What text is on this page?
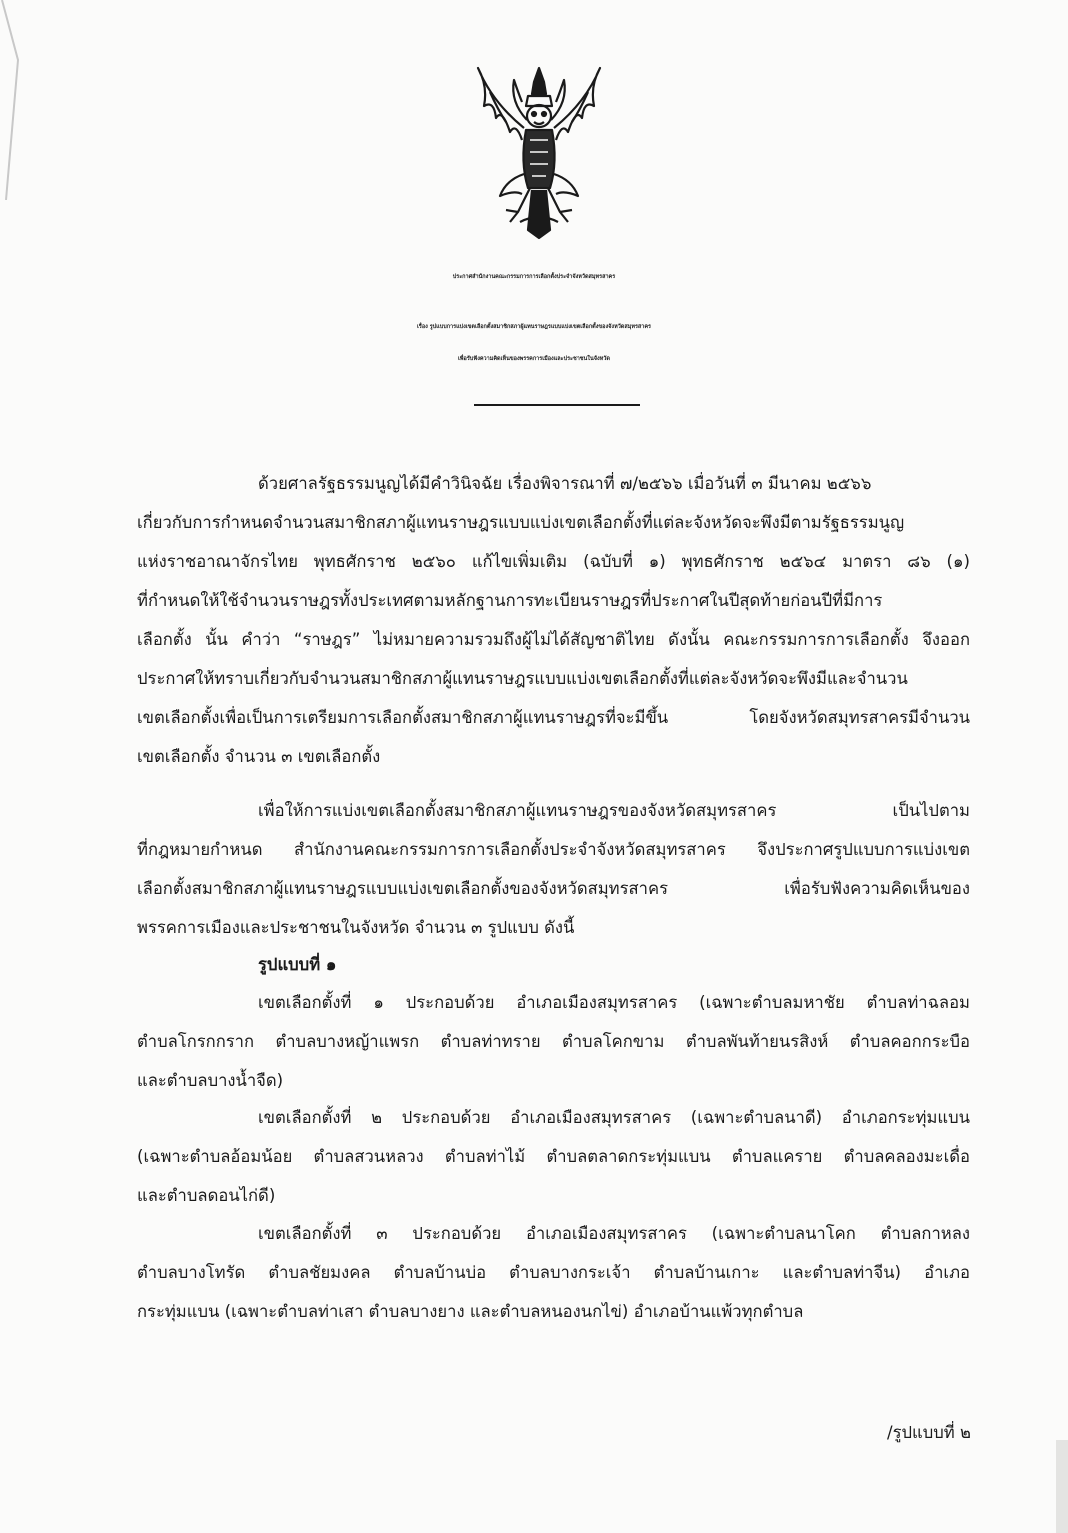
ประกาศสำนักงานคณะกรรมการการเลือกตั้งประจำจังหวัดสมุทรสาคร
เรื่อง รูปแบบการแบ่งเขตเลือกตั้งสมาชิกสภาผู้แทนราษฎรแบบแบ่งเขตเลือกตั้งของจังหวัดสมุทรสาคร
เพื่อรับฟังความคิดเห็นของพรรคการเมืองและประชาชนในจังหวัด
ด้วยศาลรัฐธรรมนูญได้มีคำวินิจฉัย เรื่องพิจารณาที่ ๗/๒๕๖๖ เมื่อวันที่ ๓ มีนาคม ๒๕๖๖
เกี่ยวกับการกำหนดจำนวนสมาชิกสภาผู้แทนราษฎรแบบแบ่งเขตเลือกตั้งที่แต่ละจังหวัดจะพึงมีตามรัฐธรรมนูญ
แห่งราชอาณาจักรไทย พุทธศักราช ๒๕๖๐ แก้ไขเพิ่มเติม (ฉบับที่ ๑) พุทธศักราช ๒๕๖๔ มาตรา ๘๖ (๑)
ที่กำหนดให้ใช้จำนวนราษฎรทั้งประเทศตามหลักฐานการทะเบียนราษฎรที่ประกาศในปีสุดท้ายก่อนปีที่มีการ
เลือกตั้ง นั้น คำว่า “ราษฎร” ไม่หมายความรวมถึงผู้ไม่ได้สัญชาติไทย ดังนั้น คณะกรรมการการเลือกตั้ง จึงออก
ประกาศให้ทราบเกี่ยวกับจำนวนสมาชิกสภาผู้แทนราษฎรแบบแบ่งเขตเลือกตั้งที่แต่ละจังหวัดจะพึงมีและจำนวน
เขตเลือกตั้งเพื่อเป็นการเตรียมการเลือกตั้งสมาชิกสภาผู้แทนราษฎรที่จะมีขึ้น โดยจังหวัดสมุทรสาครมีจำนวน
เขตเลือกตั้ง จำนวน ๓ เขตเลือกตั้ง
เพื่อให้การแบ่งเขตเลือกตั้งสมาชิกสภาผู้แทนราษฎรของจังหวัดสมุทรสาคร เป็นไปตาม
ที่กฎหมายกำหนด สำนักงานคณะกรรมการการเลือกตั้งประจำจังหวัดสมุทรสาคร จึงประกาศรูปแบบการแบ่งเขต
เลือกตั้งสมาชิกสภาผู้แทนราษฎรแบบแบ่งเขตเลือกตั้งของจังหวัดสมุทรสาคร เพื่อรับฟังความคิดเห็นของ
พรรคการเมืองและประชาชนในจังหวัด จำนวน ๓ รูปแบบ ดังนี้
รูปแบบที่ ๑
เขตเลือกตั้งที่ ๑ ประกอบด้วย อำเภอเมืองสมุทรสาคร (เฉพาะตำบลมหาชัย ตำบลท่าฉลอม
ตำบลโกรกกราก ตำบลบางหญ้าแพรก ตำบลท่าทราย ตำบลโคกขาม ตำบลพันท้ายนรสิงห์ ตำบลคอกกระบือ
และตำบลบางน้ำจืด)
เขตเลือกตั้งที่ ๒ ประกอบด้วย อำเภอเมืองสมุทรสาคร (เฉพาะตำบลนาดี) อำเภอกระทุ่มแบน
(เฉพาะตำบลอ้อมน้อย ตำบลสวนหลวง ตำบลท่าไม้ ตำบลตลาดกระทุ่มแบน ตำบลแคราย ตำบลคลองมะเดื่อ
และตำบลดอนไก่ดี)
เขตเลือกตั้งที่ ๓ ประกอบด้วย อำเภอเมืองสมุทรสาคร (เฉพาะตำบลนาโคก ตำบลกาหลง
ตำบลบางโทรัด ตำบลชัยมงคล ตำบลบ้านบ่อ ตำบลบางกระเจ้า ตำบลบ้านเกาะ และตำบลท่าจีน) อำเภอ
กระทุ่มแบน (เฉพาะตำบลท่าเสา ตำบลบางยาง และตำบลหนองนกไข่) อำเภอบ้านแพ้วทุกตำบล
/รูปแบบที่ ๒
